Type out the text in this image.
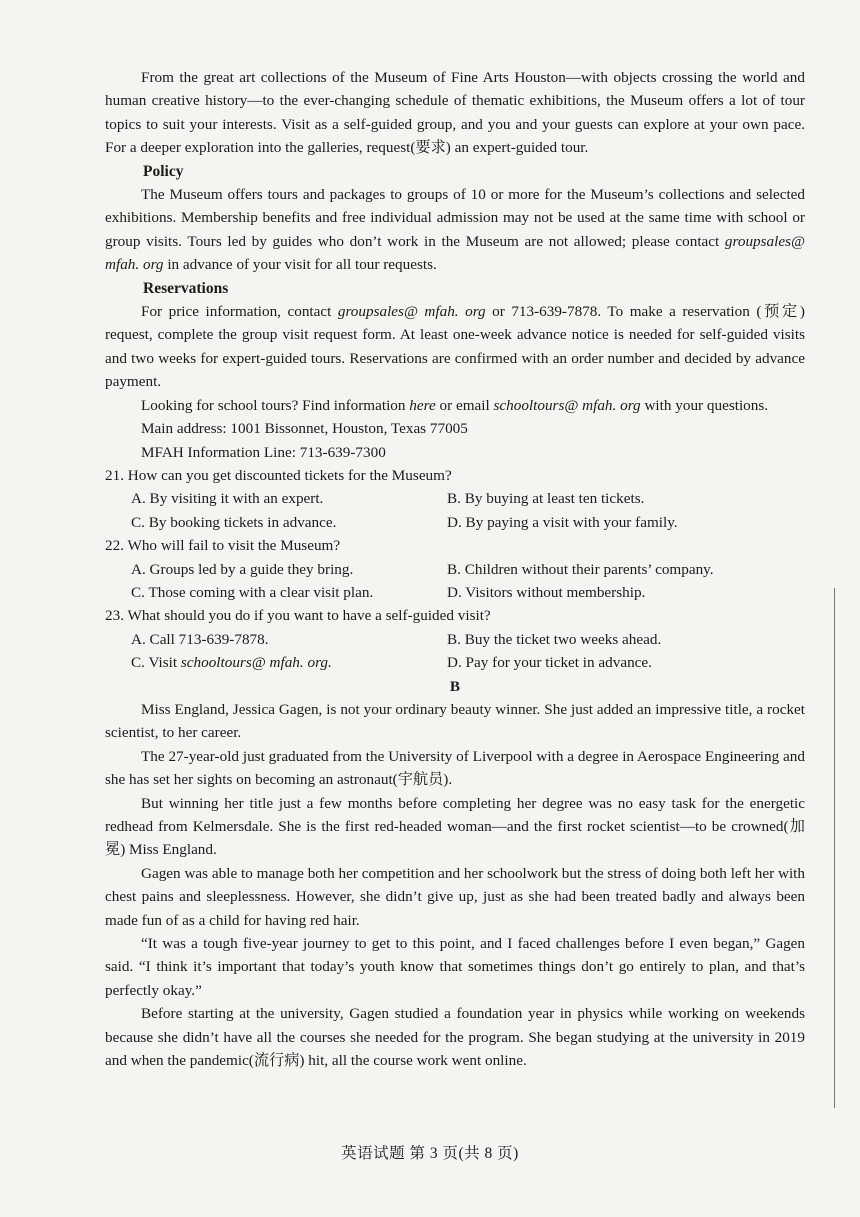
From the great art collections of the Museum of Fine Arts Houston—with objects crossing the world and human creative history—to the ever-changing schedule of thematic exhibitions, the Museum offers a lot of tour topics to suit your interests. Visit as a self-guided group, and you and your guests can explore at your own pace. For a deeper exploration into the galleries, request(要求) an expert-guided tour.

Policy

The Museum offers tours and packages to groups of 10 or more for the Museum’s collections and selected exhibitions. Membership benefits and free individual admission may not be used at the same time with school or group visits. Tours led by guides who don’t work in the Museum are not allowed; please contact groupsales@ mfah. org in advance of your visit for all tour requests.

Reservations

For price information, contact groupsales@ mfah. org or 713-639-7878. To make a reservation (预定) request, complete the group visit request form. At least one-week advance notice is needed for self-guided visits and two weeks for expert-guided tours. Reservations are confirmed with an order number and decided by advance payment.

Looking for school tours? Find information here or email schooltours@ mfah. org with your questions.

Main address: 1001 Bissonnet, Houston, Texas 77005

MFAH Information Line: 713-639-7300

21. How can you get discounted tickets for the Museum?

A. By visiting it with an expert.	B. By buying at least ten tickets.
C. By booking tickets in advance.	D. By paying a visit with your family.

22. Who will fail to visit the Museum?

A. Groups led by a guide they bring.	B. Children without their parents’ company.
C. Those coming with a clear visit plan.	D. Visitors without membership.

23. What should you do if you want to have a self-guided visit?

A. Call 713-639-7878.	B. Buy the ticket two weeks ahead.
C. Visit schooltours@ mfah. org.	D. Pay for your ticket in advance.

B

Miss England, Jessica Gagen, is not your ordinary beauty winner. She just added an impressive title, a rocket scientist, to her career.

The 27-year-old just graduated from the University of Liverpool with a degree in Aerospace Engineering and she has set her sights on becoming an astronaut(宇航员).

But winning her title just a few months before completing her degree was no easy task for the energetic redhead from Kelmersdale. She is the first red-headed woman—and the first rocket scientist—to be crowned(加冕) Miss England.

Gagen was able to manage both her competition and her schoolwork but the stress of doing both left her with chest pains and sleeplessness. However, she didn’t give up, just as she had been treated badly and always been made fun of as a child for having red hair.

“It was a tough five-year journey to get to this point, and I faced challenges before I even began,” Gagen said. “I think it’s important that today’s youth know that sometimes things don’t go entirely to plan, and that’s perfectly okay.”

Before starting at the university, Gagen studied a foundation year in physics while working on weekends because she didn’t have all the courses she needed for the program. She began studying at the university in 2019 and when the pandemic(流行病) hit, all the course work went online.

英语试题 第 3 页(共 8 页)
